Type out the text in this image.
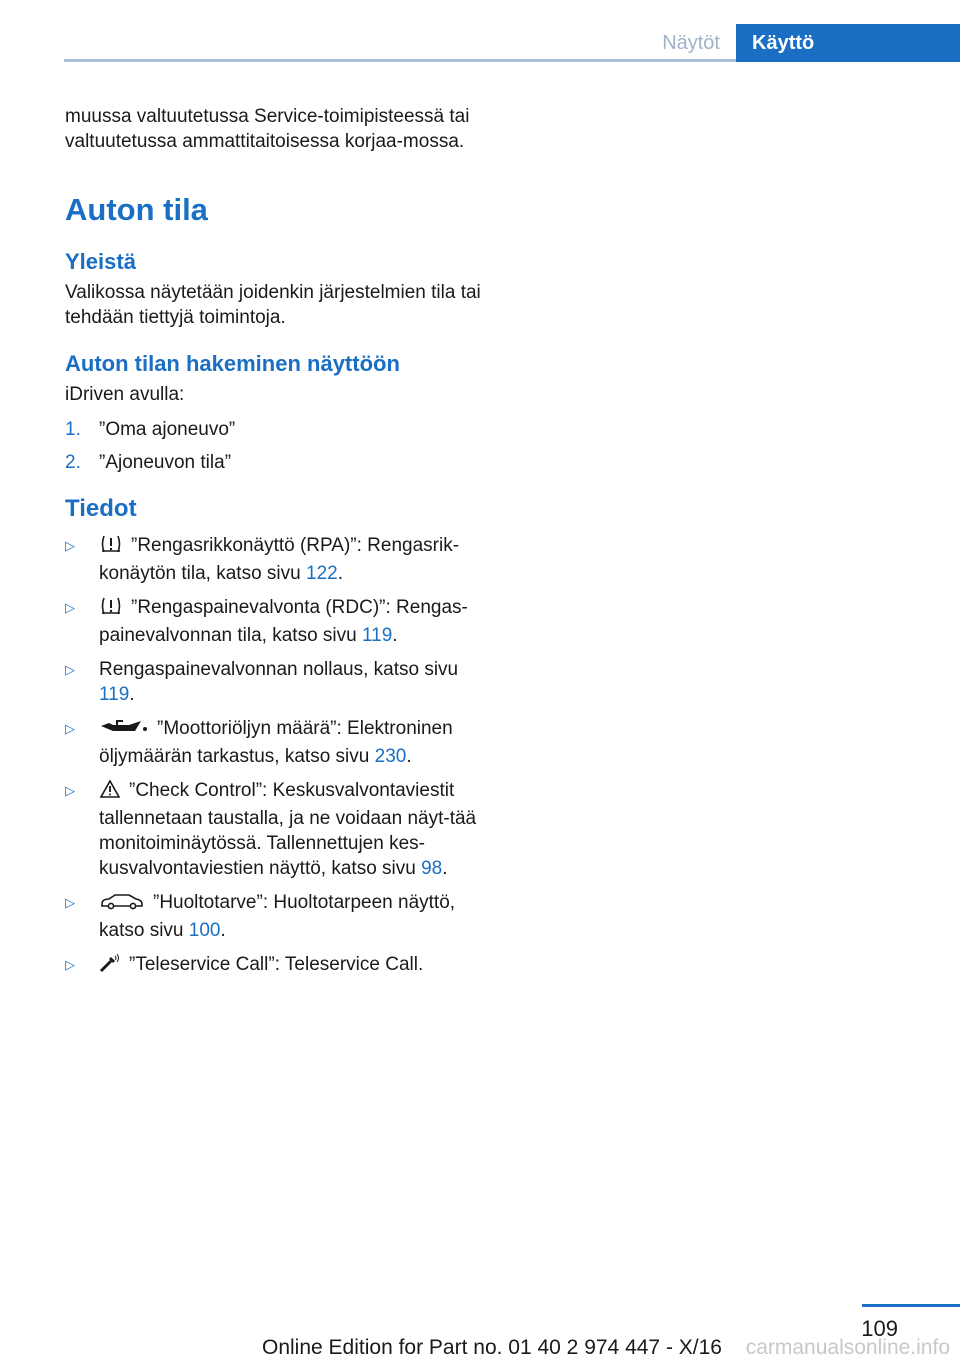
Näytöt	Käyttö

muussa valtuutetussa Service-toimipisteessä tai valtuutetussa ammattitaitoisessa korjaa-mossa.

Auton tila
Yleistä

Valikossa näytetään joidenkin järjestelmien tila tai tehdään tiettyjä toimintoja.

Auton tilan hakeminen näyttöön

iDriven avulla:

1. ”Oma ajoneuvo”
2. ”Ajoneuvon tila”
Tiedot
▷	”Rengasrikkonäyttö (RPA)”: Rengasrik-konäytön tila, katso sivu 122.
▷	”Rengaspainevalvonta (RDC)”: Rengas-painevalvonnan tila, katso sivu 119.
▷ Rengaspainevalvonnan nollaus, katso sivu 119.
▷	”Moottoriöljyn määrä”: Elektroninen öljymäärän tarkastus, katso sivu 230.
▷	”Check Control”: Keskusvalvontaviestit tallennetaan taustalla, ja ne voidaan näyt-tää monitoiminäytössä. Tallennettujen kes-kusvalvontaviestien näyttö, katso sivu 98.
▷	”Huoltotarve”: Huoltotarpeen näyttö, katso sivu 100.
▷	”Teleservice Call”: Teleservice Call.
109
Online Edition for Part no. 01 40 2 974 447 - X/16 carmanualsonline.info
